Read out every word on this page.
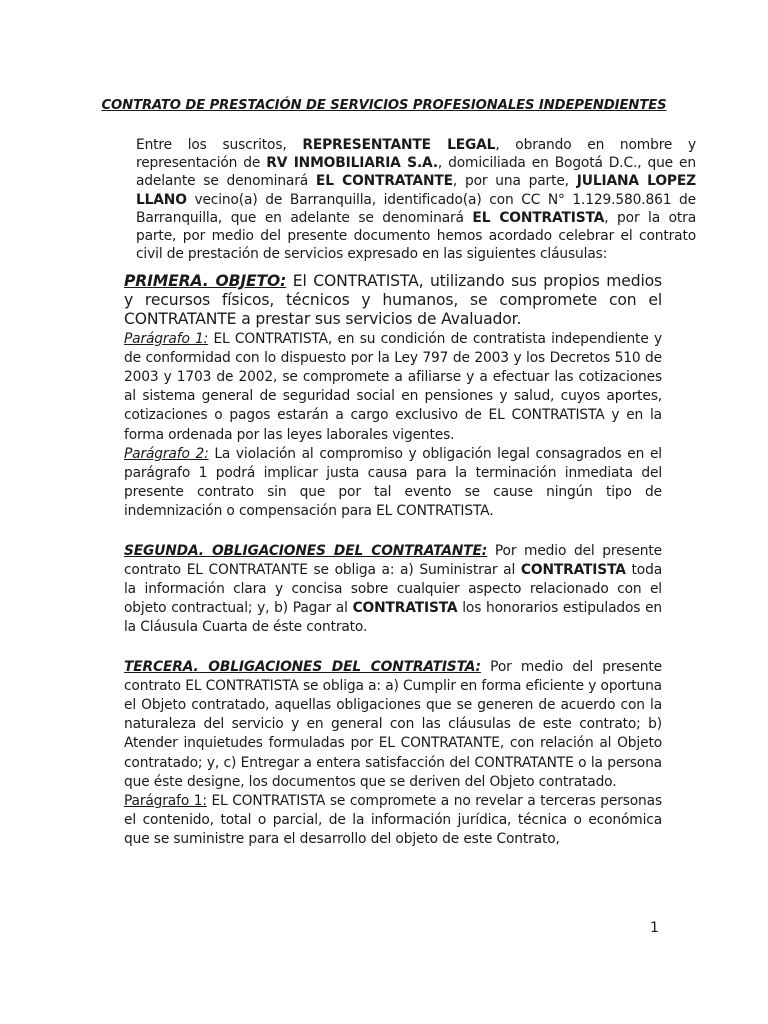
CONTRATO DE PRESTACIÓN DE SERVICIOS PROFESIONALES INDEPENDIENTES
Entre los suscritos, REPRESENTANTE LEGAL, obrando en nombre y representación de RV INMOBILIARIA S.A., domiciliada en Bogotá D.C., que en adelante se denominará EL CONTRATANTE, por una parte, JULIANA LOPEZ LLANO vecino(a) de Barranquilla, identificado(a) con CC N° 1.129.580.861 de Barranquilla, que en adelante se denominará EL CONTRATISTA, por la otra parte, por medio del presente documento hemos acordado celebrar el contrato civil de prestación de servicios expresado en las siguientes cláusulas:

PRIMERA. OBJETO: El CONTRATISTA, utilizando sus propios medios y recursos físicos, técnicos y humanos, se compromete con el CONTRATANTE a prestar sus servicios de Avaluador.

Parágrafo 1: EL CONTRATISTA, en su condición de contratista independiente y de conformidad con lo dispuesto por la Ley 797 de 2003 y los Decretos 510 de 2003 y 1703 de 2002, se compromete a afiliarse y a efectuar las cotizaciones al sistema general de seguridad social en pensiones y salud, cuyos aportes, cotizaciones o pagos estarán a cargo exclusivo de EL CONTRATISTA y en la forma ordenada por las leyes laborales vigentes.

Parágrafo 2: La violación al compromiso y obligación legal consagrados en el parágrafo 1 podrá implicar justa causa para la terminación inmediata del presente contrato sin que por tal evento se cause ningún tipo de indemnización o compensación para EL CONTRATISTA.

SEGUNDA. OBLIGACIONES DEL CONTRATANTE: Por medio del presente contrato EL CONTRATANTE se obliga a: a) Suministrar al CONTRATISTA toda la información clara y concisa sobre cualquier aspecto relacionado con el objeto contractual; y, b) Pagar al CONTRATISTA los honorarios estipulados en la Cláusula Cuarta de éste contrato.

TERCERA. OBLIGACIONES DEL CONTRATISTA: Por medio del presente contrato EL CONTRATISTA se obliga a: a) Cumplir en forma eficiente y oportuna el Objeto contratado, aquellas obligaciones que se generen de acuerdo con la naturaleza del servicio y en general con las cláusulas de este contrato; b) Atender inquietudes formuladas por EL CONTRATANTE, con relación al Objeto contratado; y, c) Entregar a entera satisfacción del CONTRATANTE o la persona que éste designe, los documentos que se deriven del Objeto contratado.

Parágrafo 1: EL CONTRATISTA se compromete a no revelar a terceras personas el contenido, total o parcial, de la información jurídica, técnica o económica que se suministre para el desarrollo del objeto de este Contrato,

1
